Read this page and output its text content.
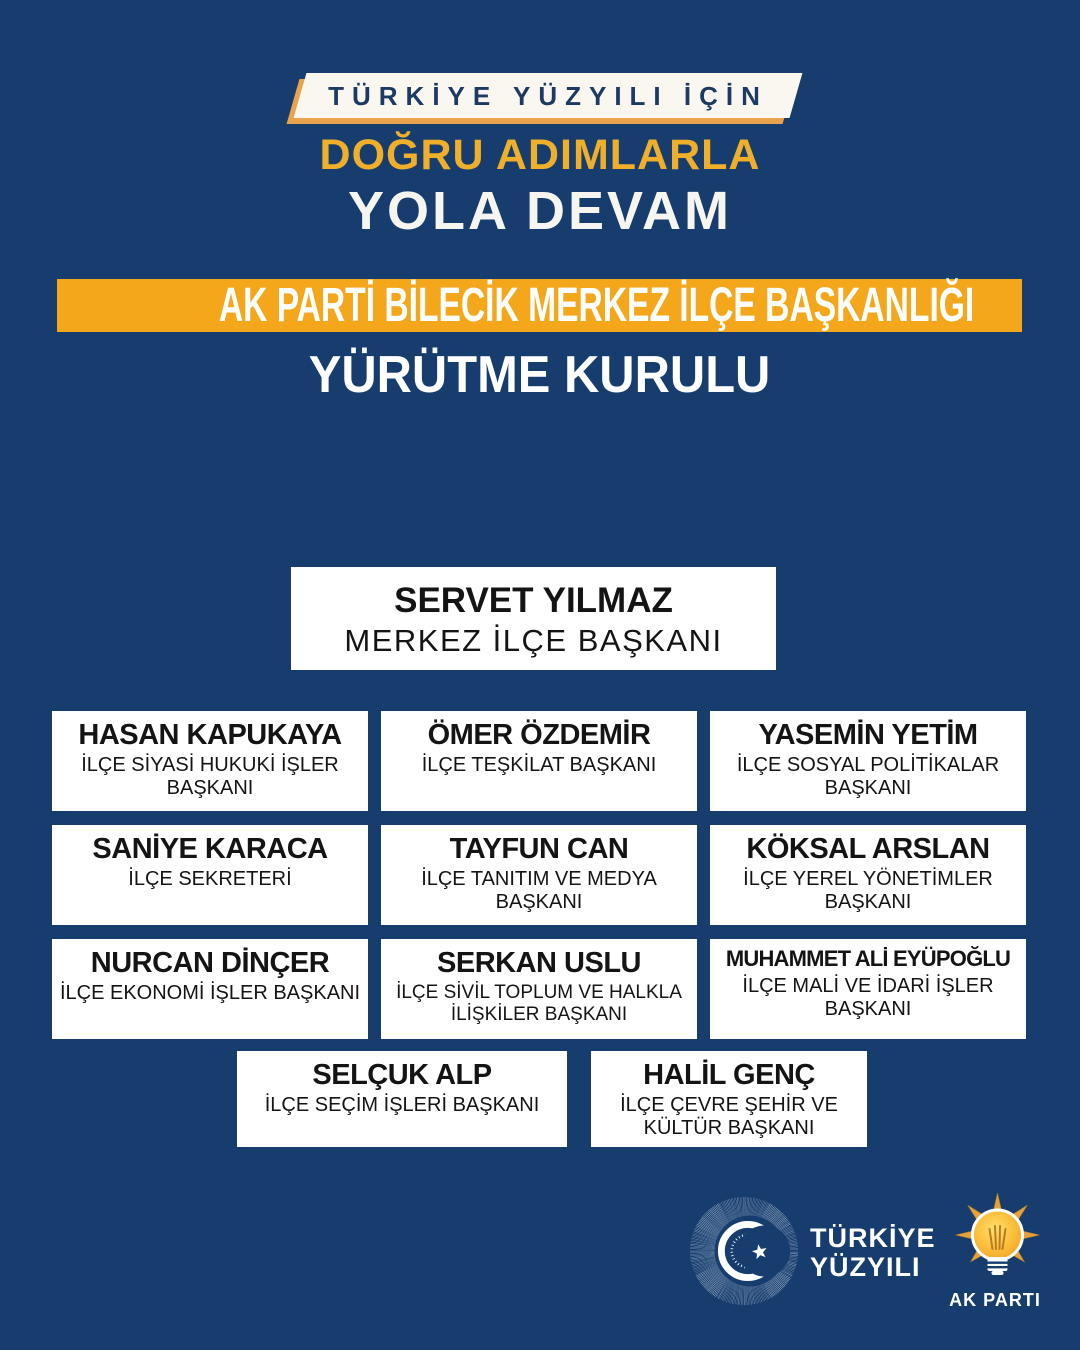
TÜRKİYE YÜZYILI İÇİN
DOĞRU ADIMLARLA
YOLA DEVAM
AK PARTİ BİLECİK MERKEZ İLÇE BAŞKANLIĞI
YÜRÜTME KURULU
SERVET YILMAZ
MERKEZ İLÇE BAŞKANI
HASAN KAPUKAYA
İLÇE SİYASİ HUKUKİ İŞLER BAŞKANI
ÖMER ÖZDEMİR
İLÇE TEŞKİLAT BAŞKANI
YASEMİN YETİM
İLÇE SOSYAL POLİTİKALAR BAŞKANI
SANİYE KARACA
İLÇE SEKRETERİ
TAYFUN CAN
İLÇE TANITIM VE MEDYA BAŞKANI
KÖKSAL ARSLAN
İLÇE YEREL YÖNETİMLER BAŞKANI
NURCAN DİNÇER
İLÇE EKONOMİ İŞLER BAŞKANI
SERKAN USLU
İLÇE SİVİL TOPLUM VE HALKLA İLİŞKİLER BAŞKANI
MUHAMMET ALİ EYÜPOĞLU
İLÇE MALİ VE İDARİ İŞLER BAŞKANI
SELÇUK ALP
İLÇE SEÇİM İŞLERİ BAŞKANI
HALİL GENÇ
İLÇE ÇEVRE ŞEHİR VE KÜLTÜR BAŞKANI
TÜRKİYE
YÜZYILI
AK PARTI
